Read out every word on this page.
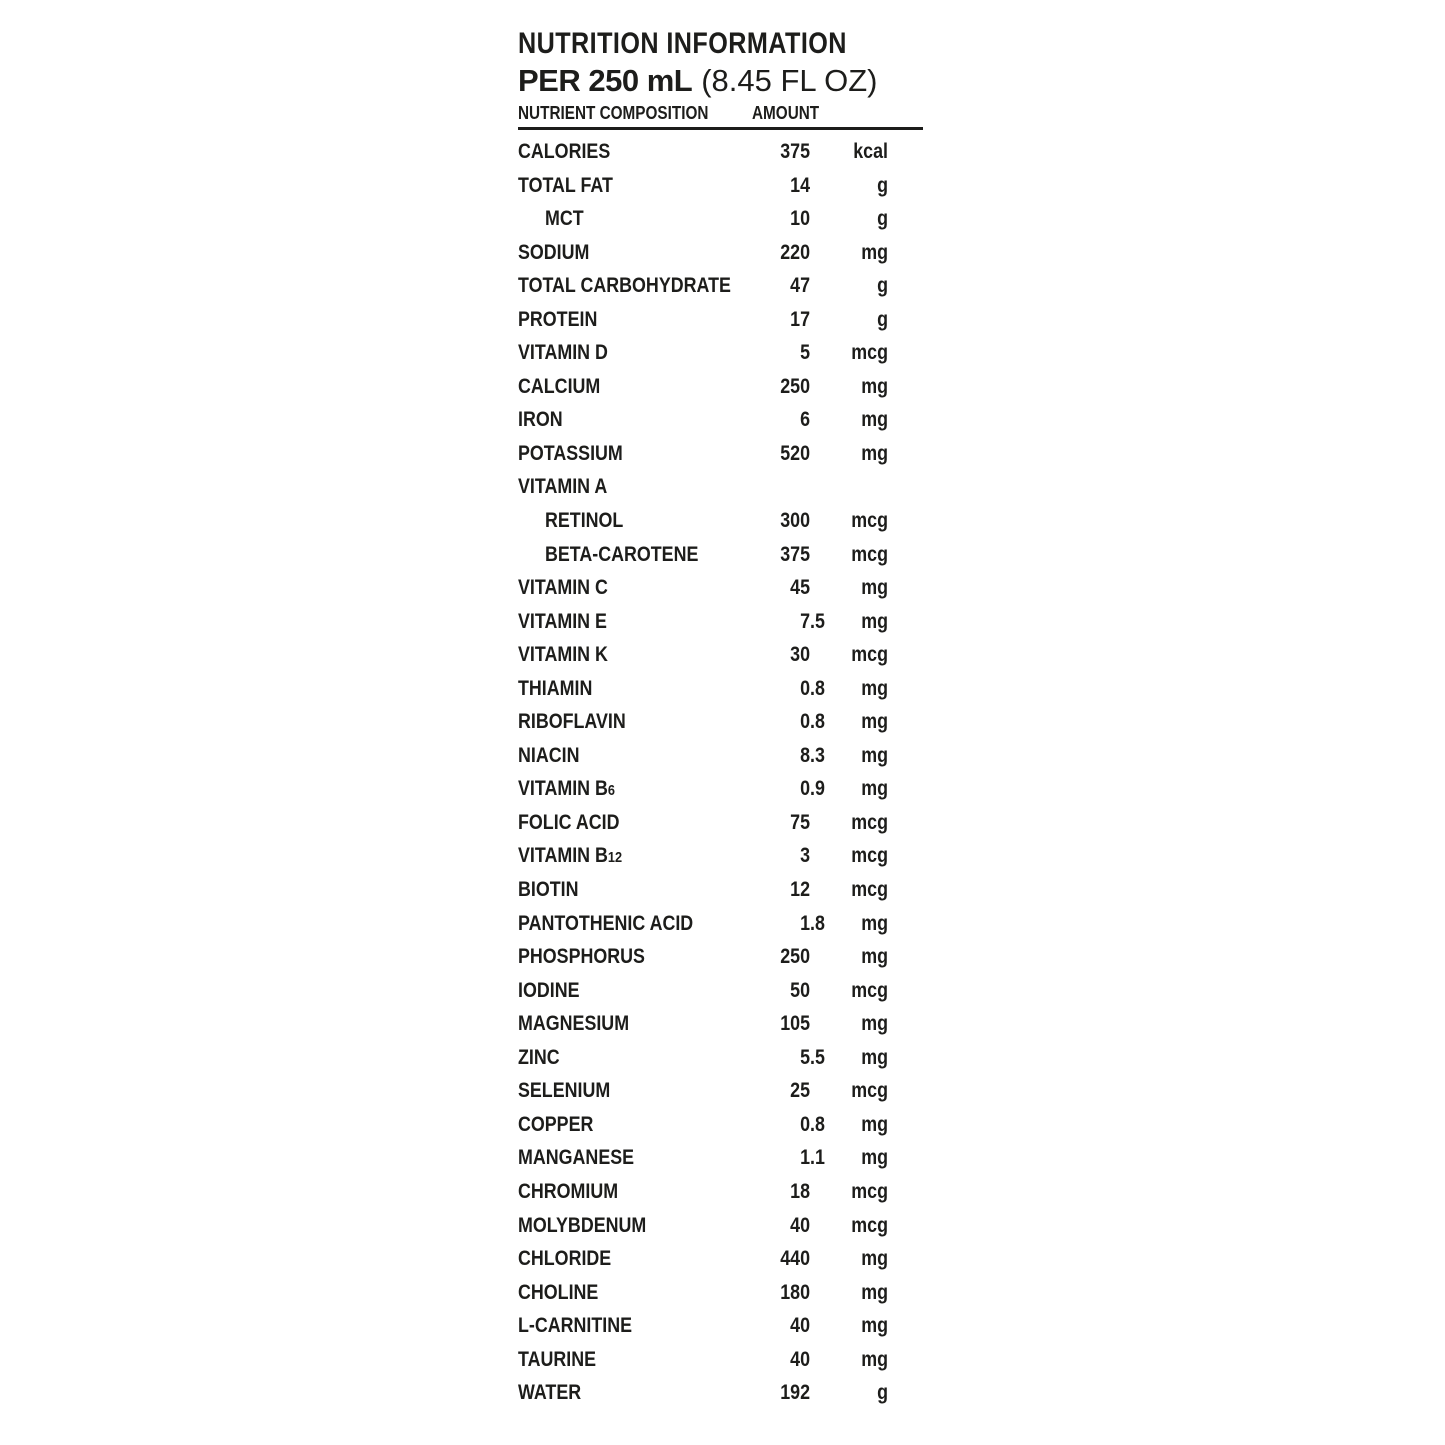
NUTRITION INFORMATION
PER 250 mL (8.45 FL OZ)
NUTRIENT COMPOSITION AMOUNT
CALORIES	375	kcal
TOTAL FAT	14	g
MCT	10	g
SODIUM	220	mg
TOTAL CARBOHYDRATE	47	g
PROTEIN	17	g
VITAMIN D	5	mcg
CALCIUM	250	mg
IRON	6	mg
POTASSIUM	520	mg
VITAMIN A
RETINOL	300	mcg
BETA-CAROTENE	375	mcg
VITAMIN C	45	mg
VITAMIN E	7 .5	mg
VITAMIN K	30	mcg
THIAMIN	0 .8	mg
RIBOFLAVIN	0 .8	mg
NIACIN	8 .3	mg
VITAMIN B6	0 .9	mg
FOLIC ACID	75	mcg
VITAMIN B12	3	mcg
BIOTIN	12	mcg
PANTOTHENIC ACID	1 .8	mg
PHOSPHORUS	250	mg
IODINE	50	mcg
MAGNESIUM	105	mg
ZINC	5 .5	mg
SELENIUM	25	mcg
COPPER	0 .8	mg
MANGANESE	1 .1	mg
CHROMIUM	18	mcg
MOLYBDENUM	40	mcg
CHLORIDE	440	mg
CHOLINE	180	mg
L-CARNITINE	40	mg
TAURINE	40	mg
WATER	192	g
